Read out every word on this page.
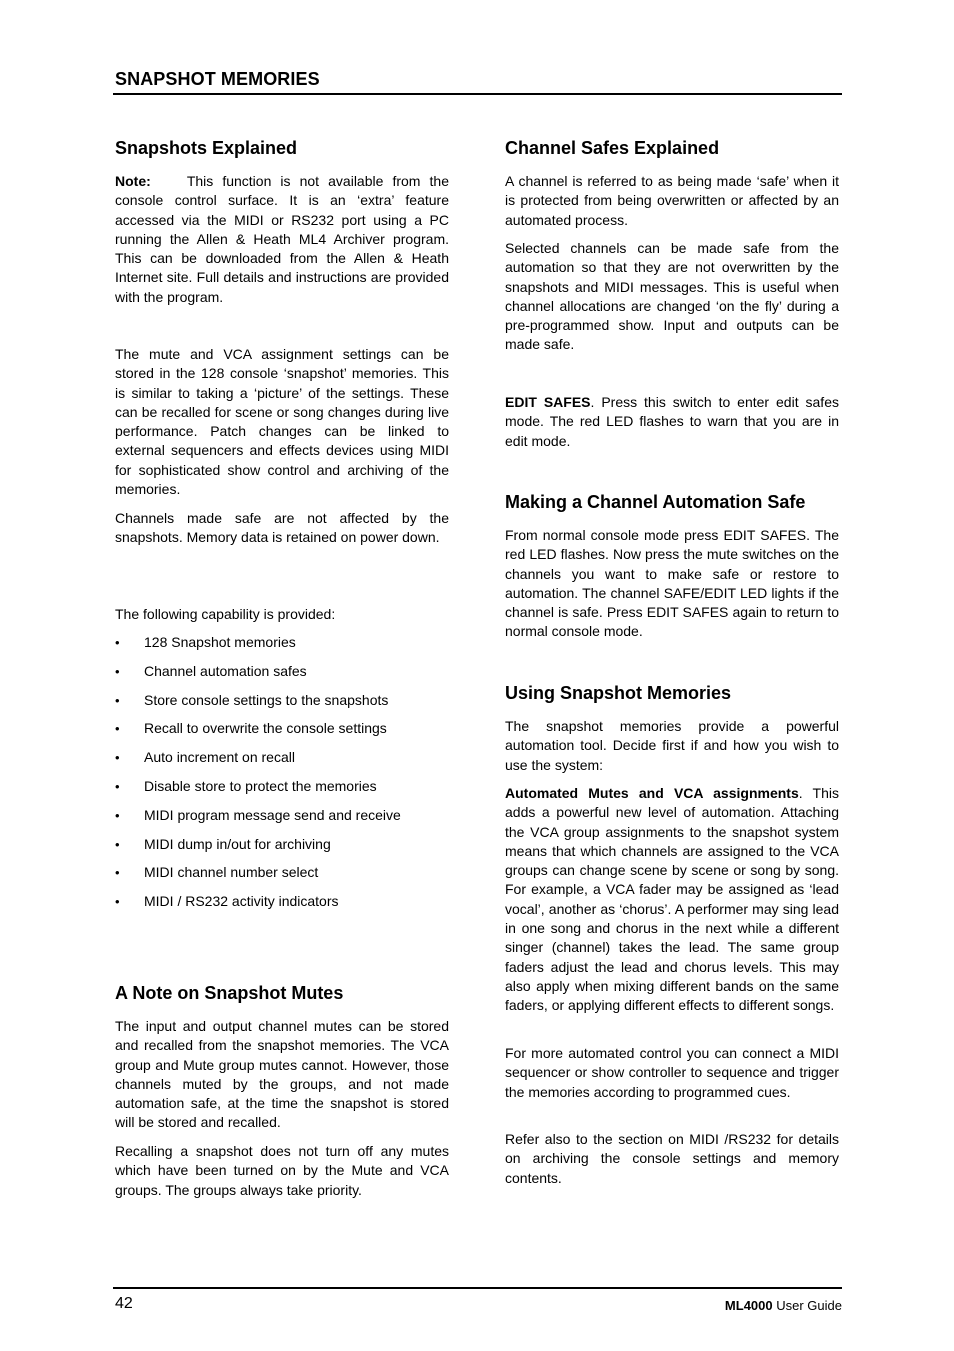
SNAPSHOT MEMORIES
Snapshots Explained

Note:	This function is not available from the console control surface. It is an ‘extra’ feature accessed via the MIDI or RS232 port using a PC running the Allen & Heath ML4 Archiver program. This can be downloaded from the Allen & Heath Internet site. Full details and instructions are provided with the program.

The mute and VCA assignment settings can be stored in the 128 console ‘snapshot’ memories. This is similar to taking a ‘picture’ of the settings. These can be recalled for scene or song changes during live performance. Patch changes can be linked to external sequencers and effects devices using MIDI for sophisticated show control and archiving of the memories.

Channels made safe are not affected by the snapshots. Memory data is retained on power down.

The following capability is provided:

• 128 Snapshot memories
• Channel automation safes
• Store console settings to the snapshots
• Recall to overwrite the console settings
• Auto increment on recall
• Disable store to protect the memories
• MIDI program message send and receive
• MIDI dump in/out for archiving
• MIDI channel number select
• MIDI / RS232 activity indicators
A Note on Snapshot Mutes

The input and output channel mutes can be stored and recalled from the snapshot memories. The VCA group and Mute group mutes cannot. However, those channels muted by the groups, and not made automation safe, at the time the snapshot is stored will be stored and recalled.

Recalling a snapshot does not turn off any mutes which have been turned on by the Mute and VCA groups. The groups always take priority.

Channel Safes Explained

A channel is referred to as being made ‘safe’ when it is protected from being overwritten or affected by an automated process.

Selected channels can be made safe from the automation so that they are not overwritten by the snapshots and MIDI messages. This is useful when channel allocations are changed ‘on the fly’ during a pre-programmed show. Input and outputs can be made safe.

EDIT SAFES. Press this switch to enter edit safes mode. The red LED flashes to warn that you are in edit mode.

Making a Channel Automation Safe

From normal console mode press EDIT SAFES. The red LED flashes. Now press the mute switches on the channels you want to make safe or restore to automation. The channel SAFE/EDIT LED lights if the channel is safe. Press EDIT SAFES again to return to normal console mode.

Using Snapshot Memories

The snapshot memories provide a powerful automation tool. Decide first if and how you wish to use the system:

Automated Mutes and VCA assignments. This adds a powerful new level of automation. Attaching the VCA group assignments to the snapshot system means that which channels are assigned to the VCA groups can change scene by scene or song by song. For example, a VCA fader may be assigned as ‘lead vocal’, another as ‘chorus’. A performer may sing lead in one song and chorus in the next while a different singer (channel) takes the lead. The same group faders adjust the lead and chorus levels. This may also apply when mixing different bands on the same faders, or applying different effects to different songs.

For more automated control you can connect a MIDI sequencer or show controller to sequence and trigger the memories according to programmed cues.

Refer also to the section on MIDI /RS232 for details on archiving the console settings and memory contents.

42	ML4000 User Guide
